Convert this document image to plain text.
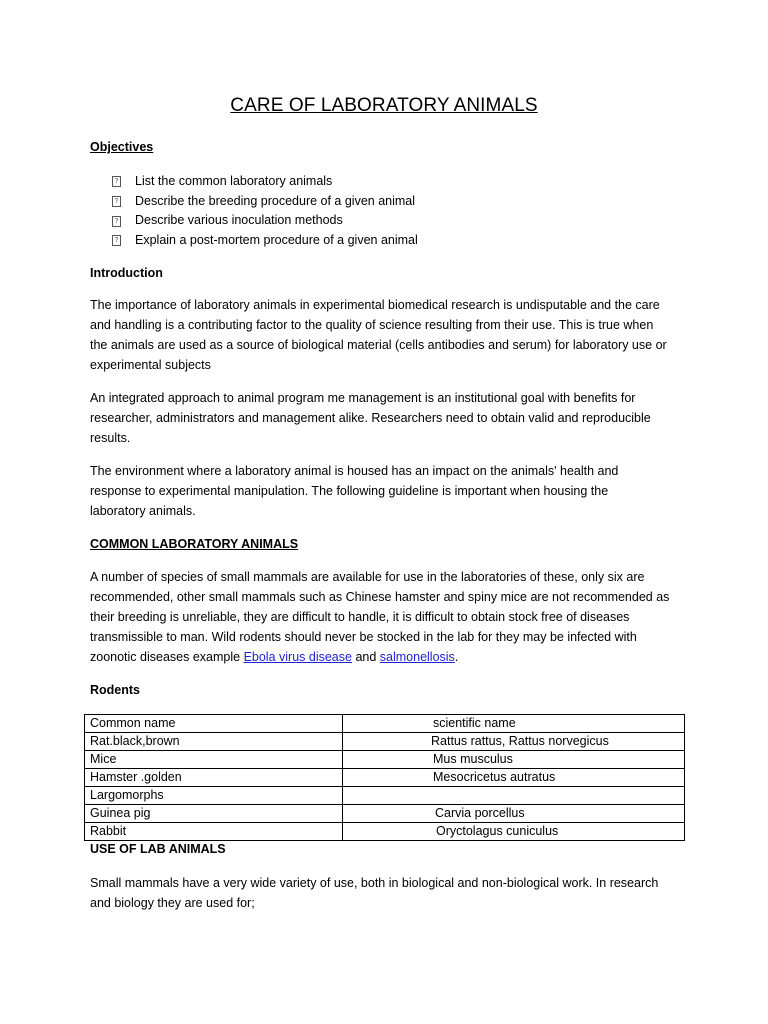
CARE OF LABORATORY ANIMALS
Objectives
? List the common laboratory animals
? Describe the breeding procedure of a given animal
? Describe various inoculation methods
? Explain a post-mortem procedure of a given animal
Introduction
The importance of laboratory animals in experimental biomedical research is undisputable and the care
and handling is a contributing factor to the quality of science resulting from their use. This is true when
the animals are used as a source of biological material (cells antibodies and serum) for laboratory use or
experimental subjects
An integrated approach to animal program me management is an institutional goal with benefits for
researcher, administrators and management alike. Researchers need to obtain valid and reproducible
results.
The environment where a laboratory animal is housed has an impact on the animals' health and
response to experimental manipulation. The following guideline is important when housing the
laboratory animals.
COMMON LABORATORY ANIMALS
A number of species of small mammals are available for use in the laboratories of these, only six are
recommended, other small mammals such as Chinese hamster and spiny mice are not recommended as
their breeding is unreliable, they are difficult to handle, it is difficult to obtain stock free of diseases
transmissible to man. Wild rodents should never be stocked in the lab for they may be infected with
zoonotic diseases example Ebola virus disease and salmonellosis.
Rodents
Common name	scientific name
Rat.black,brown	Rattus rattus, Rattus norvegicus
Mice	Mus musculus
Hamster .golden	Mesocricetus autratus
Largomorphs	
Guinea pig	Carvia porcellus
Rabbit	Oryctolagus cuniculus
USE OF LAB ANIMALS
Small mammals have a very wide variety of use, both in biological and non-biological work. In research
and biology they are used for;
